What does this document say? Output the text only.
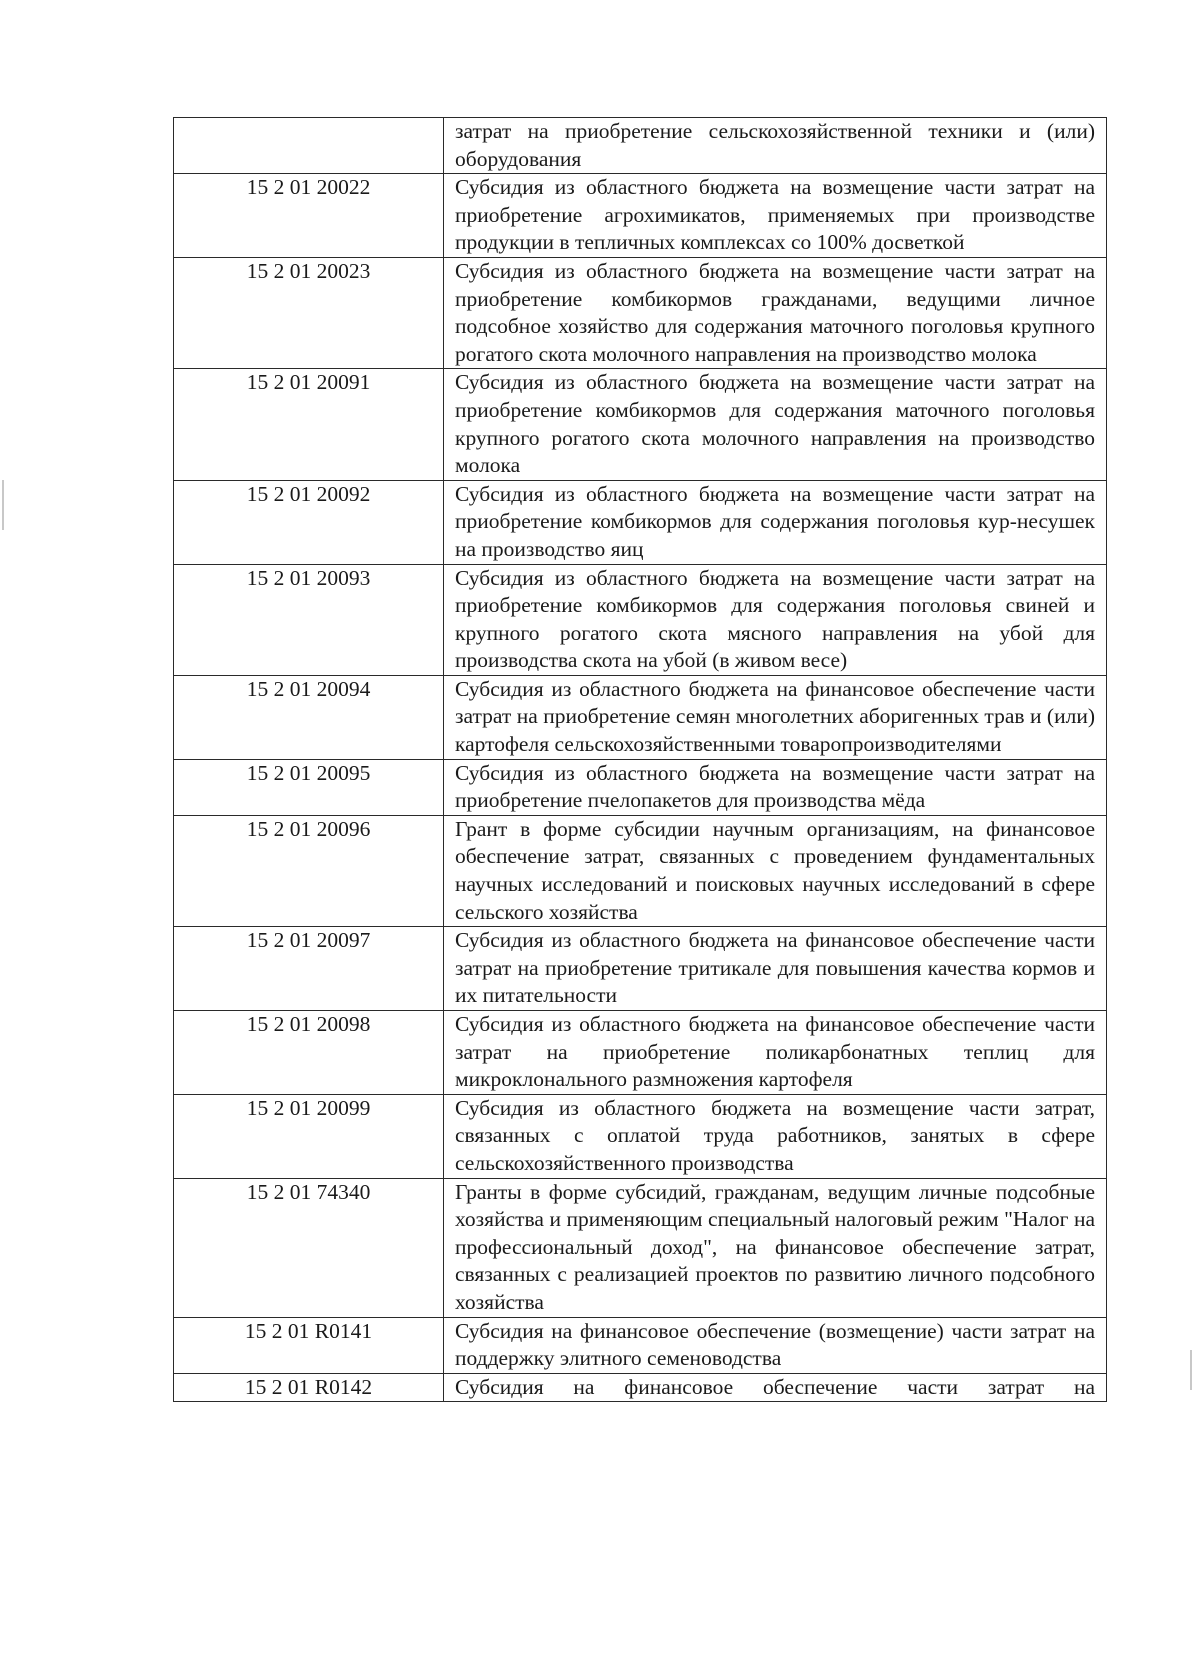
	затрат на приобретение сельскохозяйственной техники и (или) оборудования
15 2 01 20022	Субсидия из областного бюджета на возмещение части затрат на приобретение агрохимикатов, применяемых при производстве продукции в тепличных комплексах со 100% досветкой
15 2 01 20023	Субсидия из областного бюджета на возмещение части затрат на приобретение комбикормов гражданами, ведущими личное подсобное хозяйство для содержания маточного поголовья крупного рогатого скота молочного направления на производство молока
15 2 01 20091	Субсидия из областного бюджета на возмещение части затрат на приобретение комбикормов для содержания маточного поголовья крупного рогатого скота молочного направления на производство молока
15 2 01 20092	Субсидия из областного бюджета на возмещение части затрат на приобретение комбикормов для содержания поголовья кур-несушек на производство яиц
15 2 01 20093	Субсидия из областного бюджета на возмещение части затрат на приобретение комбикормов для содержания поголовья свиней и крупного рогатого скота мясного направления на убой для производства скота на убой (в живом весе)
15 2 01 20094	Субсидия из областного бюджета на финансовое обеспечение части затрат на приобретение семян многолетних аборигенных трав и (или) картофеля сельскохозяйственными товаропроизводителями
15 2 01 20095	Субсидия из областного бюджета на возмещение части затрат на приобретение пчелопакетов для производства мёда
15 2 01 20096	Грант в форме субсидии научным организациям, на финансовое обеспечение затрат, связанных с проведением фундаментальных научных исследований и поисковых научных исследований в сфере сельского хозяйства
15 2 01 20097	Субсидия из областного бюджета на финансовое обеспечение части затрат на приобретение тритикале для повышения качества кормов и их питательности
15 2 01 20098	Субсидия из областного бюджета на финансовое обеспечение части затрат на приобретение поликарбонатных теплиц для микроклонального размножения картофеля
15 2 01 20099	Субсидия из областного бюджета на возмещение части затрат, связанных с оплатой труда работников, занятых в сфере сельскохозяйственного производства
15 2 01 74340	Гранты в форме субсидий, гражданам, ведущим личные подсобные хозяйства и применяющим специальный налоговый режим "Налог на профессиональный доход", на финансовое обеспечение затрат, связанных с реализацией проектов по развитию личного подсобного хозяйства
15 2 01 R0141	Субсидия на финансовое обеспечение (возмещение) части затрат на поддержку элитного семеноводства
15 2 01 R0142	Субсидия на финансовое обеспечение части затрат на
